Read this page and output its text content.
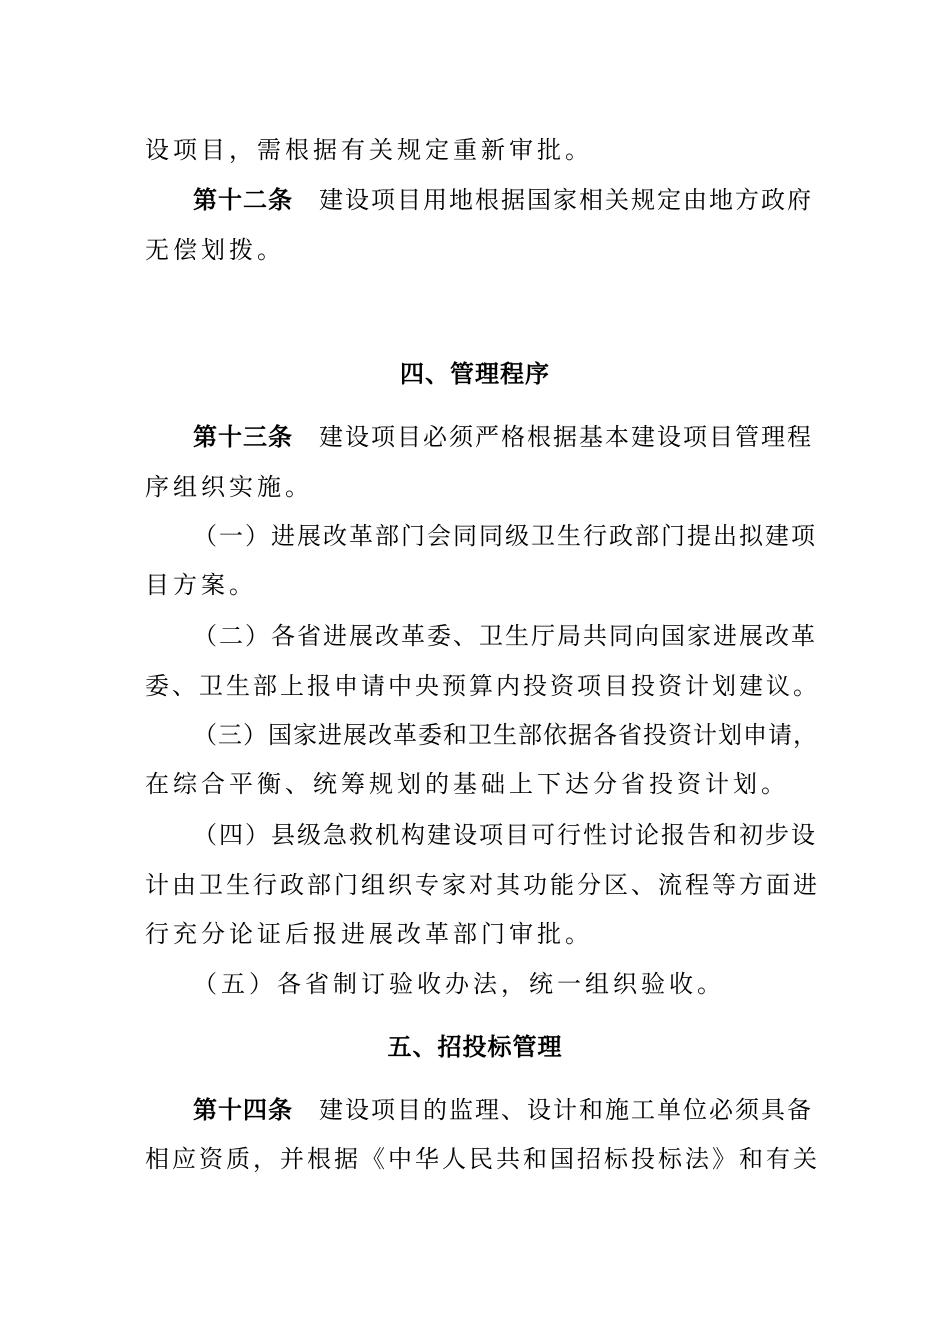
设项目，需根据有关规定重新审批。
第十二条 建设项目用地根据国家相关规定由地方政府
无偿划拨。
四、管理程序
第十三条 建设项目必须严格根据基本建设项目管理程
序组织实施。
（一）进展改革部门会同同级卫生行政部门提出拟建项
目方案。
（二）各省进展改革委、卫生厅局共同向国家进展改革
委、卫生部上报申请中央预算内投资项目投资计划建议。
（三）国家进展改革委和卫生部依据各省投资计划申请，
在综合平衡、统筹规划的基础上下达分省投资计划。
（四）县级急救机构建设项目可行性讨论报告和初步设
计由卫生行政部门组织专家对其功能分区、流程等方面进
行充分论证后报进展改革部门审批。
（五）各省制订验收办法，统一组织验收。
五、招投标管理
第十四条 建设项目的监理、设计和施工单位必须具备
相应资质，并根据《中华人民共和国招标投标法》和有关
